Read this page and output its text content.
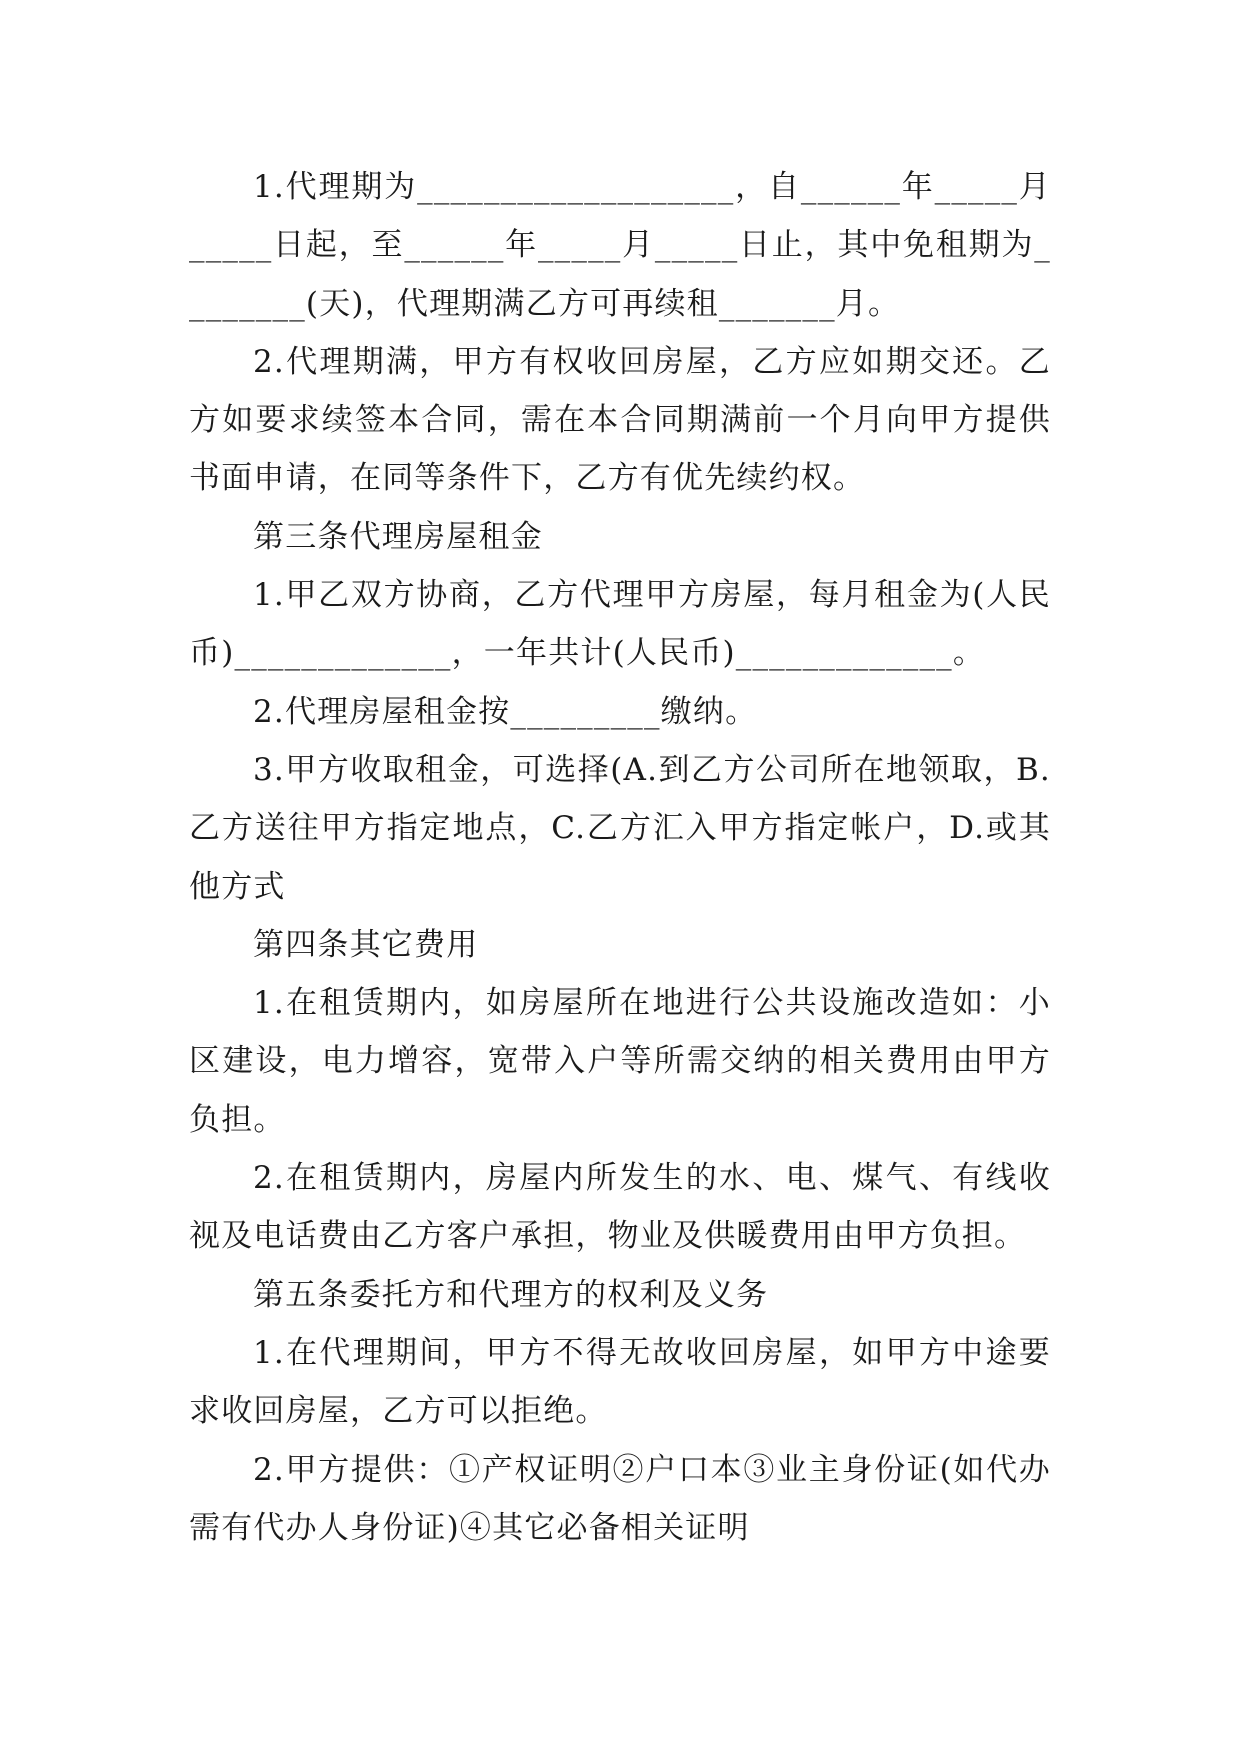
1.代理期为___________________，自______年_____月_____日起，至______年_____月_____日止，其中免租期为________(天)，代理期满乙方可再续租_______月。

2.代理期满，甲方有权收回房屋，乙方应如期交还。乙方如要求续签本合同，需在本合同期满前一个月向甲方提供书面申请，在同等条件下，乙方有优先续约权。

第三条代理房屋租金

1.甲乙双方协商，乙方代理甲方房屋，每月租金为(人民币)_____________，一年共计(人民币)_____________。

2.代理房屋租金按_________缴纳。

3.甲方收取租金，可选择(A.到乙方公司所在地领取，B.乙方送往甲方指定地点，C.乙方汇入甲方指定帐户，D.或其他方式

第四条其它费用

1.在租赁期内，如房屋所在地进行公共设施改造如：小区建设，电力增容，宽带入户等所需交纳的相关费用由甲方负担。

2.在租赁期内，房屋内所发生的水、电、煤气、有线收视及电话费由乙方客户承担，物业及供暖费用由甲方负担。

第五条委托方和代理方的权利及义务

1.在代理期间，甲方不得无故收回房屋，如甲方中途要求收回房屋，乙方可以拒绝。

2.甲方提供：①产权证明②户口本③业主身份证(如代办需有代办人身份证)④其它必备相关证明
